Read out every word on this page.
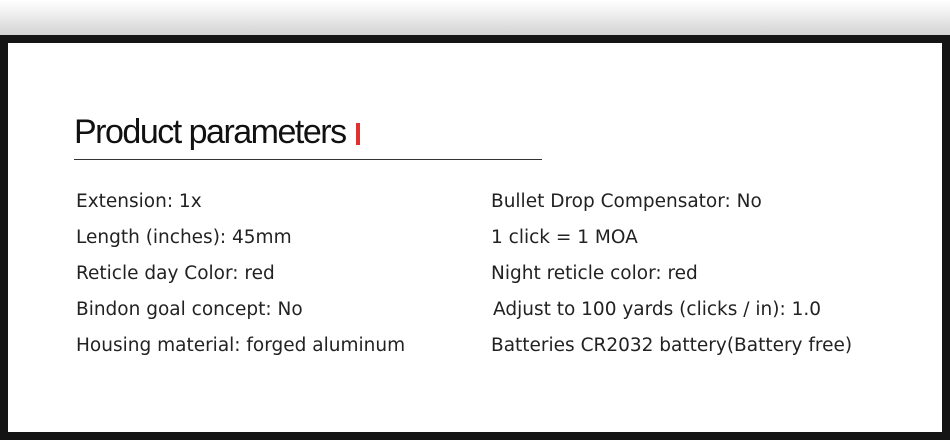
Product parameters
Extension: 1x
Length (inches): 45mm
Reticle day Color: red
Bindon goal concept: No
Housing material: forged aluminum
Bullet Drop Compensator: No
1 click = 1 MOA
Night reticle color: red
Adjust to 100 yards (clicks / in): 1.0
Batteries CR2032 battery(Battery free)
